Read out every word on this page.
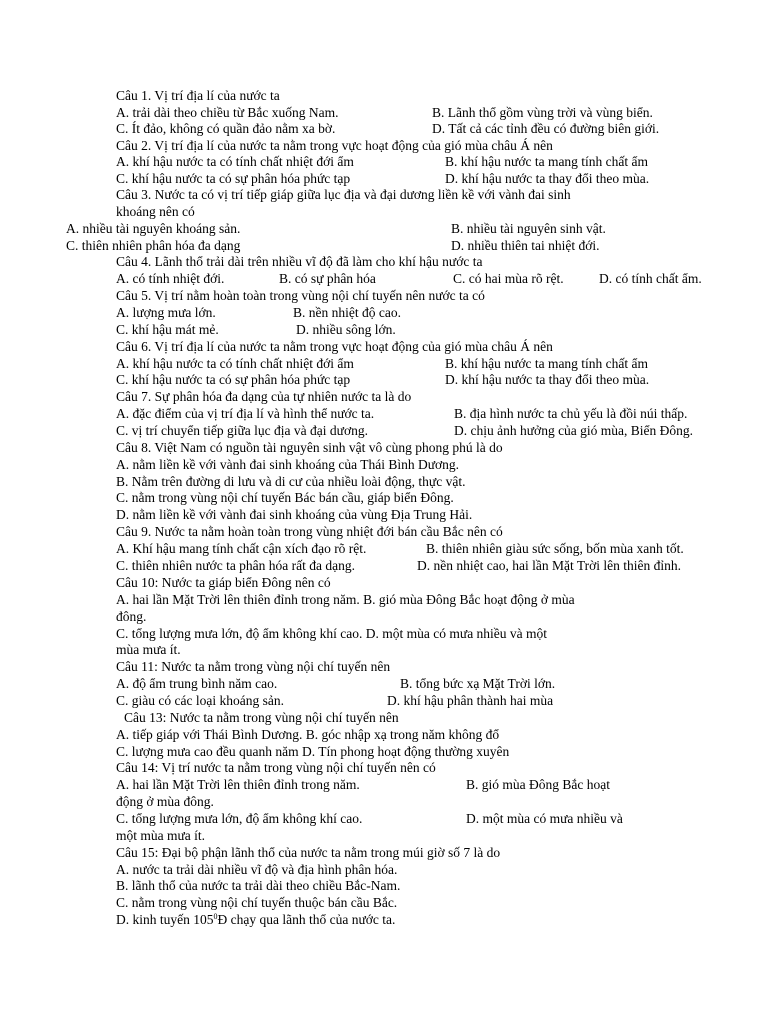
Câu 1. Vị trí địa lí của nước ta
A. trải dài theo chiều từ Bắc xuống Nam.	B. Lãnh thổ gồm vùng trời và vùng biển.
C. Ít đảo, không có quần đảo nằm xa bờ.	D. Tất cả các tỉnh đều có đường biên giới.
Câu 2. Vị trí địa lí của nước ta nằm trong vực hoạt động của gió mùa châu Á nên
A. khí hậu nước ta có tính chất nhiệt đới ẩm	B. khí hậu nước ta mang tính chất ẩm
C. khí hậu nước ta có sự phân hóa phức tạp	D. khí hậu nước ta thay đổi theo mùa.
Câu 3. Nước ta có vị trí tiếp giáp giữa lục địa và đại dương liền kề với vành đai sinh
khoáng nên có
A. nhiều tài nguyên khoáng sản.	B. nhiều tài nguyên sinh vật.
C. thiên nhiên phân hóa đa dạng	D. nhiều thiên tai nhiệt đới.
Câu 4. Lãnh thổ trải dài trên nhiều vĩ độ đã làm cho khí hậu nước ta
A. có tính nhiệt đới.	B. có sự phân hóa	C. có hai mùa rõ rệt.	D. có tính chất ẩm.
Câu 5. Vị trí nằm hoàn toàn trong vùng nội chí tuyến nên nước ta có
A. lượng mưa lớn.	B. nền nhiệt độ cao.
C. khí hậu mát mẻ.	D. nhiều sông lớn.
Câu 6. Vị trí địa lí của nước ta nằm trong vực hoạt động của gió mùa châu Á nên
A. khí hậu nước ta có tính chất nhiệt đới ẩm	B. khí hậu nước ta mang tính chất ẩm
C. khí hậu nước ta có sự phân hóa phức tạp	D. khí hậu nước ta thay đổi theo mùa.
Câu 7. Sự phân hóa đa dạng của tự nhiên nước ta là do
A. đặc điểm của vị trí địa lí và hình thể nước ta.	B. địa hình nước ta chủ yếu là đồi núi thấp.
C. vị trí chuyển tiếp giữa lục địa và đại dương.	D. chịu ảnh hưởng của gió mùa, Biển Đông.
Câu 8. Việt Nam có nguồn tài nguyên sinh vật vô cùng phong phú là do
A. nằm liền kề với vành đai sinh khoáng của Thái Bình Dương.
B. Nằm trên đường di lưu và di cư của nhiều loài động, thực vật.
C. nằm trong vùng nội chí tuyến Bác bán cầu, giáp biển Đông.
D. nằm liền kề với vành đai sinh khoáng của vùng Địa Trung Hải.
Câu 9. Nước ta nằm hoàn toàn trong vùng nhiệt đới bán cầu Bắc nên có
A. Khí hậu mang tính chất cận xích đạo rõ rệt.	B. thiên nhiên giàu sức sống, bốn mùa xanh tốt.
C. thiên nhiên nước ta phân hóa rất đa dạng.	D. nền nhiệt cao, hai lần Mặt Trời lên thiên đỉnh.
Câu 10: Nước ta giáp biển Đông nên có
A. hai lần Mặt Trời lên thiên đỉnh trong năm. B. gió mùa Đông Bắc hoạt động ở mùa
đông.
C. tổng lượng mưa lớn, độ ẩm không khí cao. D. một mùa có mưa nhiều và một
mùa mưa ít.
Câu 11: Nước ta nằm trong vùng nội chí tuyến nên
A. độ ẩm trung bình năm cao.	B. tổng bức xạ Mặt Trời lớn.
C. giàu có các loại khoáng sản.	D. khí hậu phân thành hai mùa
Câu 13: Nước ta nằm trong vùng nội chí tuyến nên
A. tiếp giáp với Thái Bình Dương. B. góc nhập xạ trong năm không đổ
C. lượng mưa cao đều quanh năm D. Tín phong hoạt động thường xuyên
Câu 14: Vị trí nước ta nằm trong vùng nội chí tuyến nên có
A. hai lần Mặt Trời lên thiên đỉnh trong năm.	B. gió mùa Đông Bắc hoạt
động ở mùa đông.
C. tổng lượng mưa lớn, độ ẩm không khí cao.	D. một mùa có mưa nhiều và
một mùa mưa ít.
Câu 15: Đại bộ phận lãnh thổ của nước ta nằm trong múi giờ số 7 là do
A. nước ta trải dài nhiều vĩ độ và địa hình phân hóa.
B. lãnh thổ của nước ta trải dài theo chiều Bắc-Nam.
C. nằm trong vùng nội chí tuyến thuộc bán cầu Bắc.
D. kinh tuyến $105^0Đ$ chạy qua lãnh thổ của nước ta.
